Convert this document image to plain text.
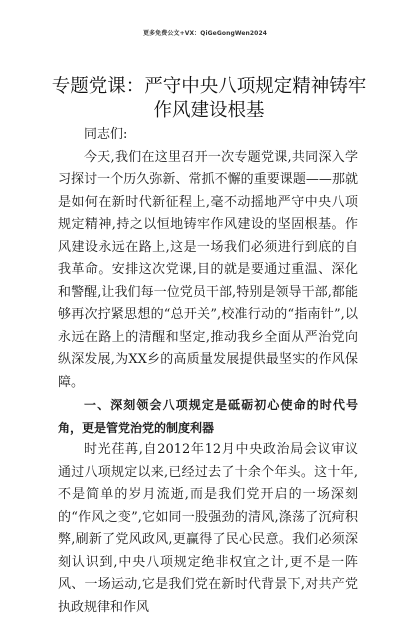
更多免费公文+VX：QiGeGongWen2024
专题党课：严守中央八项规定精神铸牢作风建设根基

同志们:

今天,我们在这里召开一次专题党课,共同深入学习探讨一个历久弥新、常抓不懈的重要课题——那就是如何在新时代新征程上,毫不动摇地严守中央八项规定精神,持之以恒地铸牢作风建设的坚固根基。作风建设永远在路上,这是一场我们必须进行到底的自我革命。安排这次党课,目的就是要通过重温、深化和警醒,让我们每一位党员干部,特别是领导干部,都能够再次拧紧思想的“总开关”,校准行动的“指南针”,以永远在路上的清醒和坚定,推动我乡全面从严治党向纵深发展,为XX乡的高质量发展提供最坚实的作风保障。

一、深刻领会八项规定是砥砺初心使命的时代号角，更是管党治党的制度利器

时光荏苒,自2012年12月中央政治局会议审议通过八项规定以来,已经过去了十余个年头。这十年,不是简单的岁月流逝,而是我们党开启的一场深刻的“作风之变”,它如同一股强劲的清风,涤荡了沉疴积弊,刷新了党风政风,更赢得了民心民意。我们必须深刻认识到,中央八项规定绝非权宜之计,更不是一阵风、一场运动,它是我们党在新时代背景下,对共产党执政规律和作风
